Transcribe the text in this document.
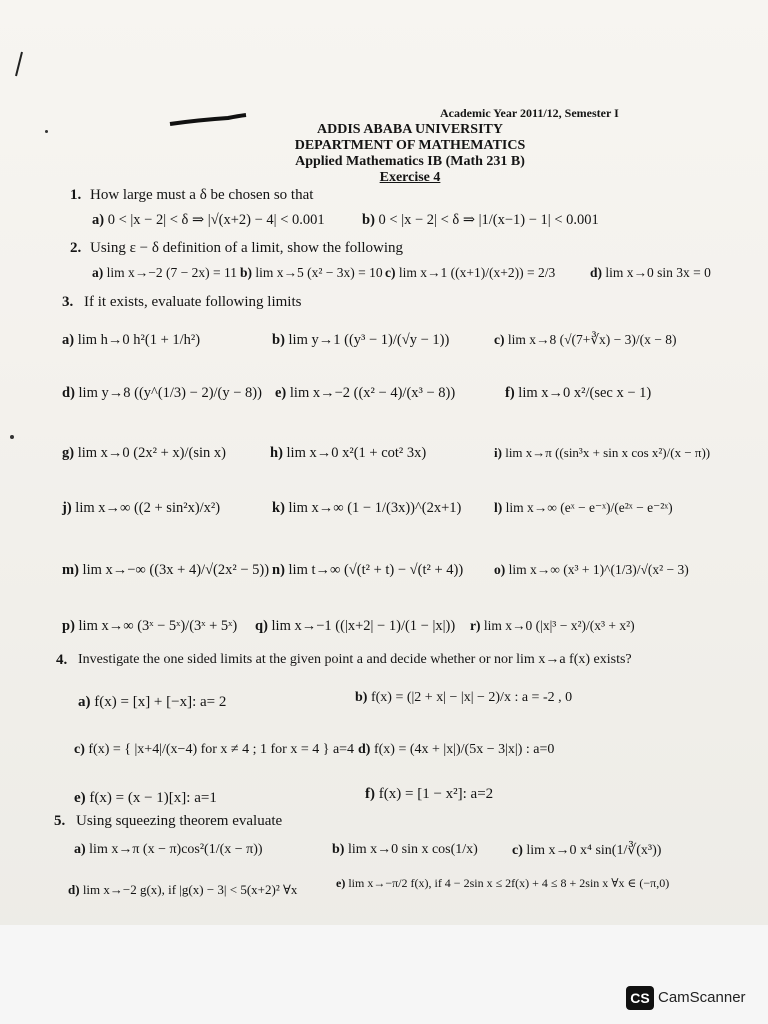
Academic Year 2011/12, Semester I
ADDIS ABABA UNIVERSITY
DEPARTMENT OF MATHEMATICS
Applied Mathematics IB (Math 231 B)
Exercise 4
1. How large must a δ be chosen so that
a) 0 < |x − 2| < δ ⇒ |√(x+2) − 4| < 0.001	b) 0 < |x − 2| < δ ⇒ |1/(x−1) − 1| < 0.001
2. Using ε − δ definition of a limit, show the following
a) lim x→−2 (7 − 2x) = 11 b) lim x→5 (x² − 3x) = 10 c) lim x→1 ((x+1)/(x+2)) = 2/3	d) lim x→0 sin 3x = 0
3. If it exists, evaluate following limits
a) lim h→0 h²(1 + 1/h²)	b) lim y→1 ((y³ − 1)/(√y − 1))	c) lim x→8 (√(7+∛x) − 3)/(x − 8)
d) lim y→8 ((y^(1/3) − 2)/(y − 8)) e) lim x→−2 ((x² − 4)/(x³ − 8))	f) lim x→0 x²/(sec x − 1)
g) lim x→0 (2x² + x)/(sin x)	h) lim x→0 x²(1 + cot² 3x)	i) lim x→π ((sin³x + sin x cos x²)/(x − π))
j) lim x→∞ ((2 + sin²x)/x²)	k) lim x→∞ (1 − 1/(3x))^(2x+1) l) lim x→∞ (eˣ − e⁻ˣ)/(e²ˣ − e⁻²ˣ)
m) lim x→−∞ ((3x + 4)/√(2x² − 5)) n) lim t→∞ (√(t² + t) − √(t² + 4)) o) lim x→∞ (x³ + 1)^(1/3)/√(x² − 3)
p) lim x→∞ (3ˣ − 5ˣ)/(3ˣ + 5ˣ) q) lim x→−1 ((|x+2| − 1)/(1 − |x|)) r) lim x→0 (|x|³ − x²)/(x³ + x²)
4. Investigate the one sided limits at the given point a and decide whether or nor lim x→a f(x) exists?
a) f(x) = [x] + [−x]: a= 2	b) f(x) = (|2 + x| − |x| − 2)/x : a = -2 , 0
c) f(x) = { |x+4|/(x−4) for x ≠ 4 ; 1 for x = 4 } a=4 d) f(x) = (4x + |x|)/(5x − 3|x|) : a=0
e) f(x) = (x − 1)[x]: a=1	f) f(x) = [1 − x²]: a=2
5. Using squeezing theorem evaluate
a) lim x→π (x − π)cos²(1/(x − π))	b) lim x→0 sin x cos(1/x) c) lim x→0 x⁴ sin(1/∛(x³))
d) lim x→−2 g(x), if |g(x) − 3| < 5(x+2)² ∀x	e) lim x→−π/2 f(x), if 4 − 2sin x ≤ 2f(x) + 4 ≤ 8 + 2sin x ∀x ∈ (−π,0)
CS CamScanner
